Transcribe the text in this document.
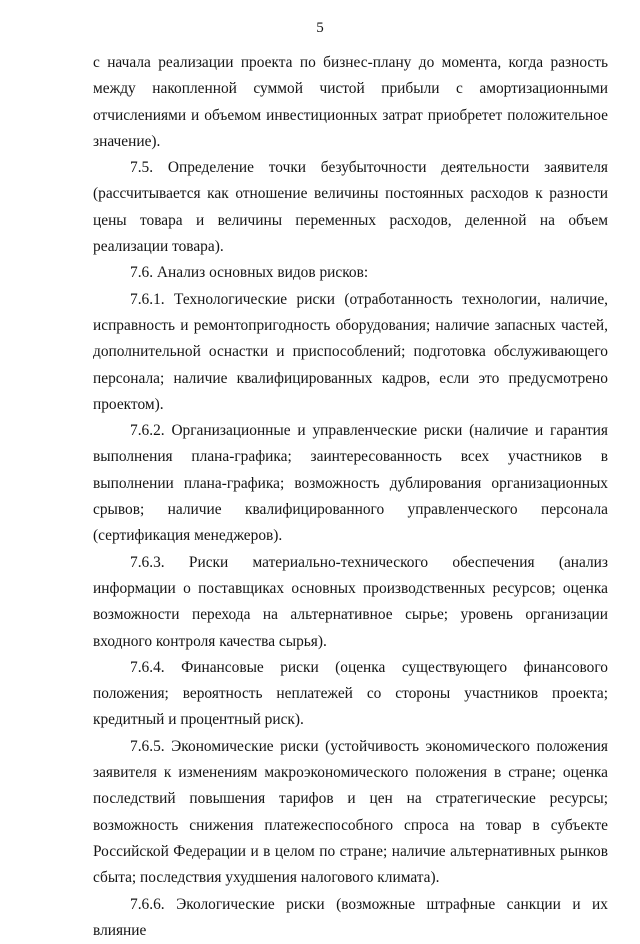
5

с начала реализации проекта по бизнес-плану до момента, когда разность между накопленной суммой чистой прибыли с амортизационными отчислениями и объемом инвестиционных затрат приобретет положительное значение).

7.5. Определение точки безубыточности деятельности заявителя (рассчитывается как отношение величины постоянных расходов к разности цены товара и величины переменных расходов, деленной на объем реализации товара).

7.6. Анализ основных видов рисков:

7.6.1. Технологические риски (отработанность технологии, наличие, исправность и ремонтопригодность оборудования; наличие запасных частей, дополнительной оснастки и приспособлений; подготовка обслуживающего персонала; наличие квалифицированных кадров, если это предусмотрено проектом).

7.6.2. Организационные и управленческие риски (наличие и гарантия выполнения плана-графика; заинтересованность всех участников в выполнении плана-графика; возможность дублирования организационных срывов; наличие квалифицированного управленческого персонала (сертификация менеджеров).

7.6.3. Риски материально-технического обеспечения (анализ информации о поставщиках основных производственных ресурсов; оценка возможности перехода на альтернативное сырье; уровень организации входного контроля качества сырья).

7.6.4. Финансовые риски (оценка существующего финансового положения; вероятность неплатежей со стороны участников проекта; кредитный и процентный риск).

7.6.5. Экономические риски (устойчивость экономического положения заявителя к изменениям макроэкономического положения в стране; оценка последствий повышения тарифов и цен на стратегические ресурсы; возможность снижения платежеспособного спроса на товар в субъекте Российской Федерации и в целом по стране; наличие альтернативных рынков сбыта; последствия ухудшения налогового климата).

7.6.6. Экологические риски (возможные штрафные санкции и их влияние
